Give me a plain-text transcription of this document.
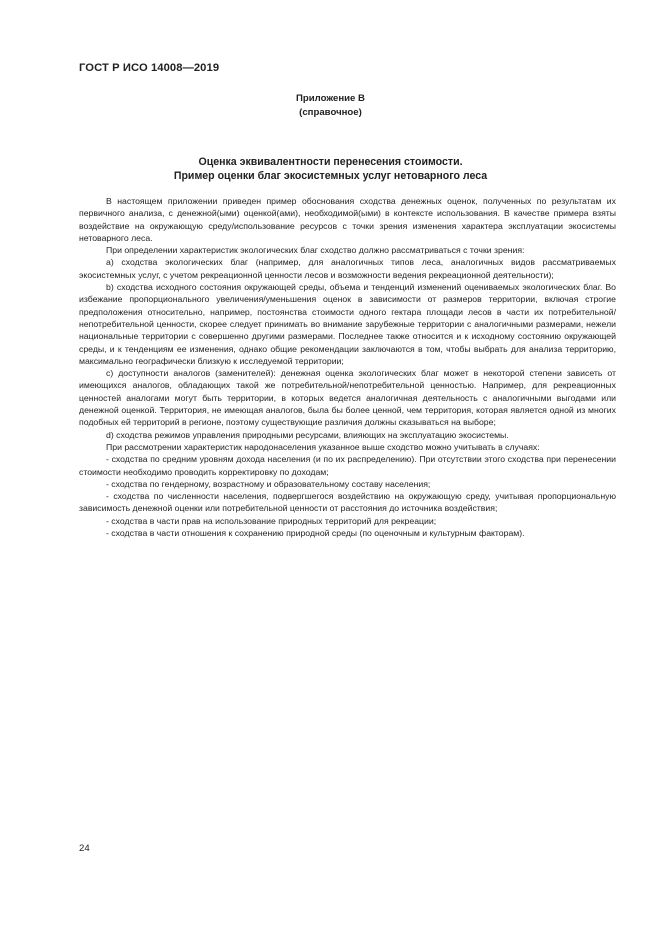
ГОСТ Р ИСО 14008—2019
Приложение В
(справочное)
Оценка эквивалентности перенесения стоимости.
Пример оценки благ экосистемных услуг нетоварного леса

В настоящем приложении приведен пример обоснования сходства денежных оценок, полученных по результатам их первичного анализа, с денежной(ыми) оценкой(ами), необходимой(ыми) в контексте использования. В качестве примера взяты воздействие на окружающую среду/использование ресурсов с точки зрения изменения характера эксплуатации экосистемы нетоварного леса.

При определении характеристик экологических благ сходство должно рассматриваться с точки зрения:

а) сходства экологических благ (например, для аналогичных типов леса, аналогичных видов рассматриваемых экосистемных услуг, с учетом рекреационной ценности лесов и возможности ведения рекреационной деятельности);

b) сходства исходного состояния окружающей среды, объема и тенденций изменений оцениваемых экологических благ. Во избежание пропорционального увеличения/уменьшения оценок в зависимости от размеров территории, включая строгие предположения относительно, например, постоянства стоимости одного гектара площади лесов в части их потребительной/непотребительной ценности, скорее следует принимать во внимание зарубежные территории с аналогичными размерами, нежели национальные территории с совершенно другими размерами. Последнее также относится и к исходному состоянию окружающей среды, и к тенденциям ее изменения, однако общие рекомендации заключаются в том, чтобы выбрать для анализа территорию, максимально географически близкую к исследуемой территории;

с) доступности аналогов (заменителей): денежная оценка экологических благ может в некоторой степени зависеть от имеющихся аналогов, обладающих такой же потребительной/непотребительной ценностью. Например, для рекреационных ценностей аналогами могут быть территории, в которых ведется аналогичная деятельность с аналогичными выгодами или денежной оценкой. Территория, не имеющая аналогов, была бы более ценной, чем территория, которая является одной из многих подобных ей территорий в регионе, поэтому существующие различия должны сказываться на выборе;

d) сходства режимов управления природными ресурсами, влияющих на эксплуатацию экосистемы.

При рассмотрении характеристик народонаселения указанное выше сходство можно учитывать в случаях:

- сходства по средним уровням дохода населения (и по их распределению). При отсутствии этого сходства при перенесении стоимости необходимо проводить корректировку по доходам;

- сходства по гендерному, возрастному и образовательному составу населения;

- сходства по численности населения, подвергшегося воздействию на окружающую среду, учитывая пропорциональную зависимость денежной оценки или потребительной ценности от расстояния до источника воздействия;

- сходства в части прав на использование природных территорий для рекреации;

- сходства в части отношения к сохранению природной среды (по оценочным и культурным факторам).

24
